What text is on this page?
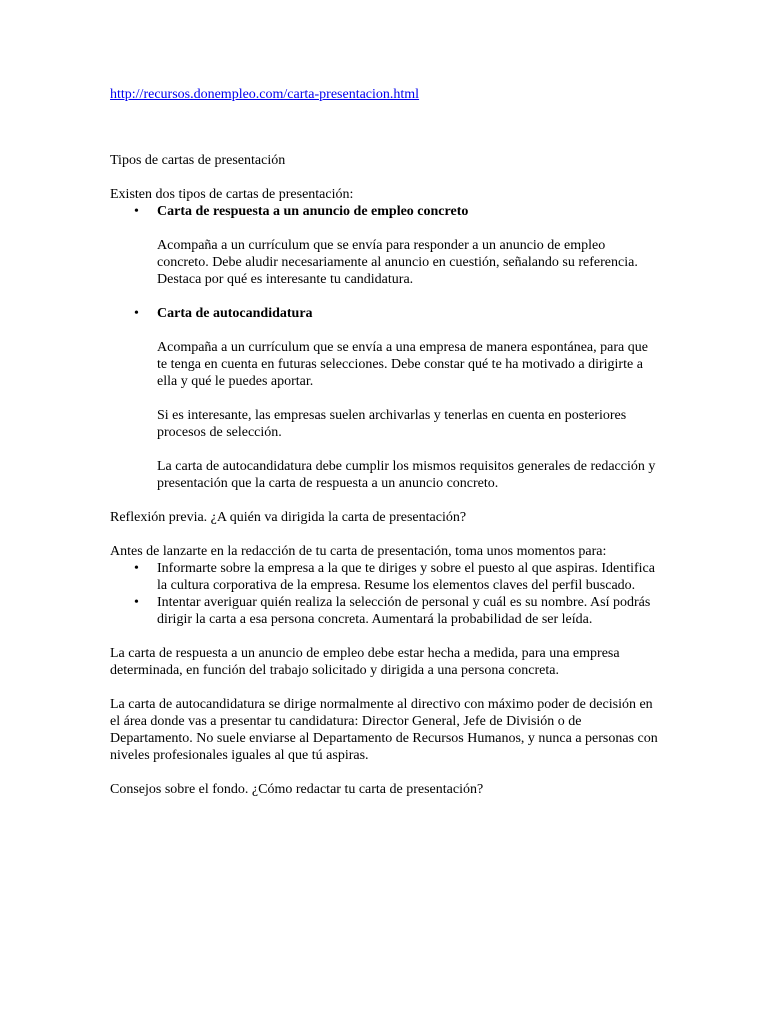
http://recursos.donempleo.com/carta-presentacion.html

Tipos de cartas de presentación

Existen dos tipos de cartas de presentación:

• Carta de respuesta a un anuncio de empleo concreto

Acompaña a un currículum que se envía para responder a un anuncio de empleo concreto. Debe aludir necesariamente al anuncio en cuestión, señalando su referencia. Destaca por qué es interesante tu candidatura.

• Carta de autocandidatura

Acompaña a un currículum que se envía a una empresa de manera espontánea, para que te tenga en cuenta en futuras selecciones. Debe constar qué te ha motivado a dirigirte a ella y qué le puedes aportar.

Si es interesante, las empresas suelen archivarlas y tenerlas en cuenta en posteriores procesos de selección.

La carta de autocandidatura debe cumplir los mismos requisitos generales de redacción y presentación que la carta de respuesta a un anuncio concreto.

Reflexión previa. ¿A quién va dirigida la carta de presentación?

Antes de lanzarte en la redacción de tu carta de presentación, toma unos momentos para:

• Informarte sobre la empresa a la que te diriges y sobre el puesto al que aspiras. Identifica la cultura corporativa de la empresa. Resume los elementos claves del perfil buscado.
• Intentar averiguar quién realiza la selección de personal y cuál es su nombre. Así podrás dirigir la carta a esa persona concreta. Aumentará la probabilidad de ser leída.

La carta de respuesta a un anuncio de empleo debe estar hecha a medida, para una empresa determinada, en función del trabajo solicitado y dirigida a una persona concreta.

La carta de autocandidatura se dirige normalmente al directivo con máximo poder de decisión en el área donde vas a presentar tu candidatura: Director General, Jefe de División o de Departamento. No suele enviarse al Departamento de Recursos Humanos, y nunca a personas con niveles profesionales iguales al que tú aspiras.

Consejos sobre el fondo. ¿Cómo redactar tu carta de presentación?
